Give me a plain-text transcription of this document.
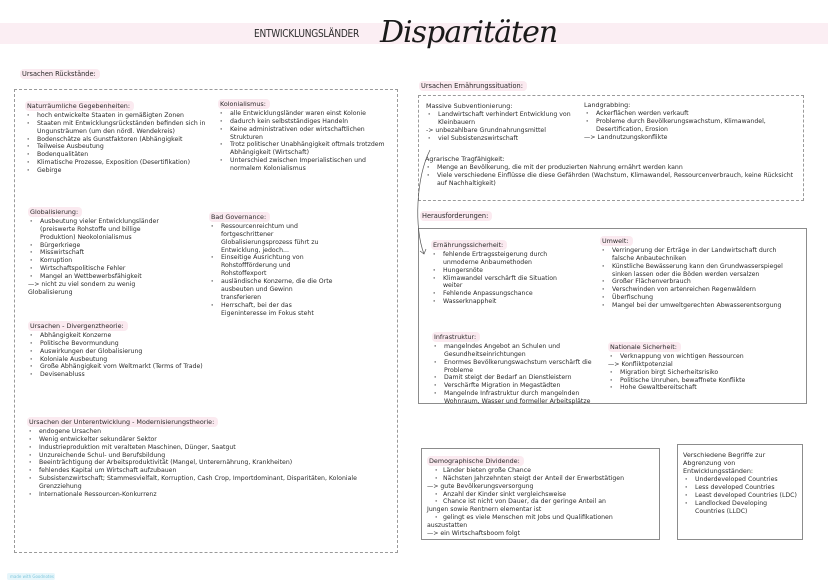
ENTWICKLUNGSLÄNDER Disparitäten
Ursachen Rückstände:
Naturräumliche Gegebenheiten:
· hoch entwickelte Staaten in gemäßigten Zonen
· Staaten mit Entwicklungsrückständen befinden sich in Ungunsträumen (um den nördl. Wendekreis)
· Bodenschätze als Gunstfaktoren (Abhängigkeit
· Teilweise Ausbeutung
· Bodenqualitäten
· Klimatische Prozesse, Exposition (Desertifikation)
· Gebirge
Kolonialismus:
· alle Entwicklungsländer waren einst Kolonie
· dadurch kein selbstständiges Handeln
· Keine administrativen oder wirtschaftlichen Strukturen
· Trotz politischer Unabhängigkeit oftmals trotzdem Abhängigkeit (Wirtschaft)
· Unterschied zwischen Imperialistischen und normalem Kolonialismus
Globalisierung:
· Ausbeutung vieler Entwicklungsländer (preiswerte Rohstoffe und billige Produktion) Neokolonialismus
· Bürgerkriege
· Misswirtschaft
· Korruption
· Wirtschaftspolitische Fehler
· Mangel an Wettbewerbsfähigkeit
—> nicht zu viel sondern zu wenig Globalisierung
Bad Governance:
· Ressourcenreichtum und fortgeschrittener Globalisierungsprozess führt zu Entwicklung, jedoch...
· Einseitige Ausrichtung von Rohstoffförderung und Rohstoffexport
· ausländische Konzerne, die die Orte ausbeuten und Gewinn transferieren
· Herrschaft, bei der das Eigeninteresse im Fokus steht
Ursachen - Divergenztheorie:
· Abhängigkeit Konzerne
· Politische Bevormundung
· Auswirkungen der Globalisierung
· Koloniale Ausbeutung
· Große Abhängigkeit vom Weltmarkt (Terms of Trade)
· Devisenabluss
Ursachen der Unterentwicklung - Modernisierungstheorie:
· endogene Ursachen
· Wenig entwickelter sekundärer Sektor
· Industrieproduktion mit veralteten Maschinen, Dünger, Saatgut
· Unzureichende Schul- und Berufsbildung
· Beeinträchtigung der Arbeitsproduktivität (Mangel, Unterernährung, Krankheiten)
· fehlendes Kapital um Wirtschaft aufzubauen
· Subsistenzwirtschaft; Stammesvielfalt, Korruption, Cash Crop, Importdominant, Disparitäten, Koloniale Grenzziehung
· Internationale Ressourcen-Konkurrenz
Ursachen Ernährungssituation:
Massive Subventionierung:
· Landwirtschaft verhindert Entwicklung von Kleinbauern
-> unbezahlbare Grundnahrungsmittel
· viel Subsistenzswirtschaft
Landgrabbing:
· Ackerflächen werden verkauft
· Probleme durch Bevölkerungswachstum, Klimawandel, Desertification, Erosion
—> Landnutzungskonflikte
Agrarische Tragfähigkeit:
· Menge an Bevölkerung, die mit der produzierten Nahrung ernährt werden kann
· Viele verschiedene Einflüsse die diese Gefährden (Wachstum, Klimawandel, Ressourcenverbrauch, keine Rücksicht auf Nachhaltigkeit)
Herausforderungen:
Ernährungssicherheit:
· fehlende Ertragssteigerung durch unmoderne Anbaumethoden
· Hungersnöte
· Klimawandel verschärft die Situation weiter
· Fehlende Anpassungschance
· Wasserknappheit
Umwelt:
· Verringerung der Erträge in der Landwirtschaft durch falsche Anbautechniken
· Künstliche Bewässerung kann den Grundwasserspiegel sinken lassen oder die Böden werden versalzen
· Großer Flächenverbrauch
· Verschwinden von artenreichen Regenwäldern
· Überfischung
· Mangel bei der umweltgerechten Abwasserentsorgung
Infrastruktur:
· mangelndes Angebot an Schulen und Gesundheitseinrichtungen
· Enormes Bevölkerungswachstum verschärft die Probleme
· Damit steigt der Bedarf an Dienstleistern
· Verschärfte Migration in Megastädten
· Mangelnde Infrastruktur durch mangelnden Wohnraum, Wasser und formeller Arbeitsplätze
Nationale Sicherheit:
· Verknappung von wichtigen Ressourcen
—> Konfliktpotenzial
· Migration birgt Sicherheitsrisiko
· Politische Unruhen, bewaffnete Konflikte
· Hohe Gewaltbereitschaft
Demographische Dividende:
· Länder bieten große Chance
· Nächsten Jahrzehnten steigt der Anteil der Erwerbstätigen
—> gute Bevölkerungsversorgung
· Anzahl der Kinder sinkt vergleichsweise
· Chance ist nicht von Dauer, da der geringe Anteil an
Jungen sowie Rentnern elementar ist
· gelingt es viele Menschen mit Jobs und Qualifikationen
auszustatten
—> ein Wirtschaftsboom folgt
Verschiedene Begriffe zur Abgrenzung von Entwicklungsständen:
· Underdeveloped Countries
· Less developed Countries
· Least developed Countries (LDC)
· Landlocked Developing Countries (LLDC)
made with Goodnotes
